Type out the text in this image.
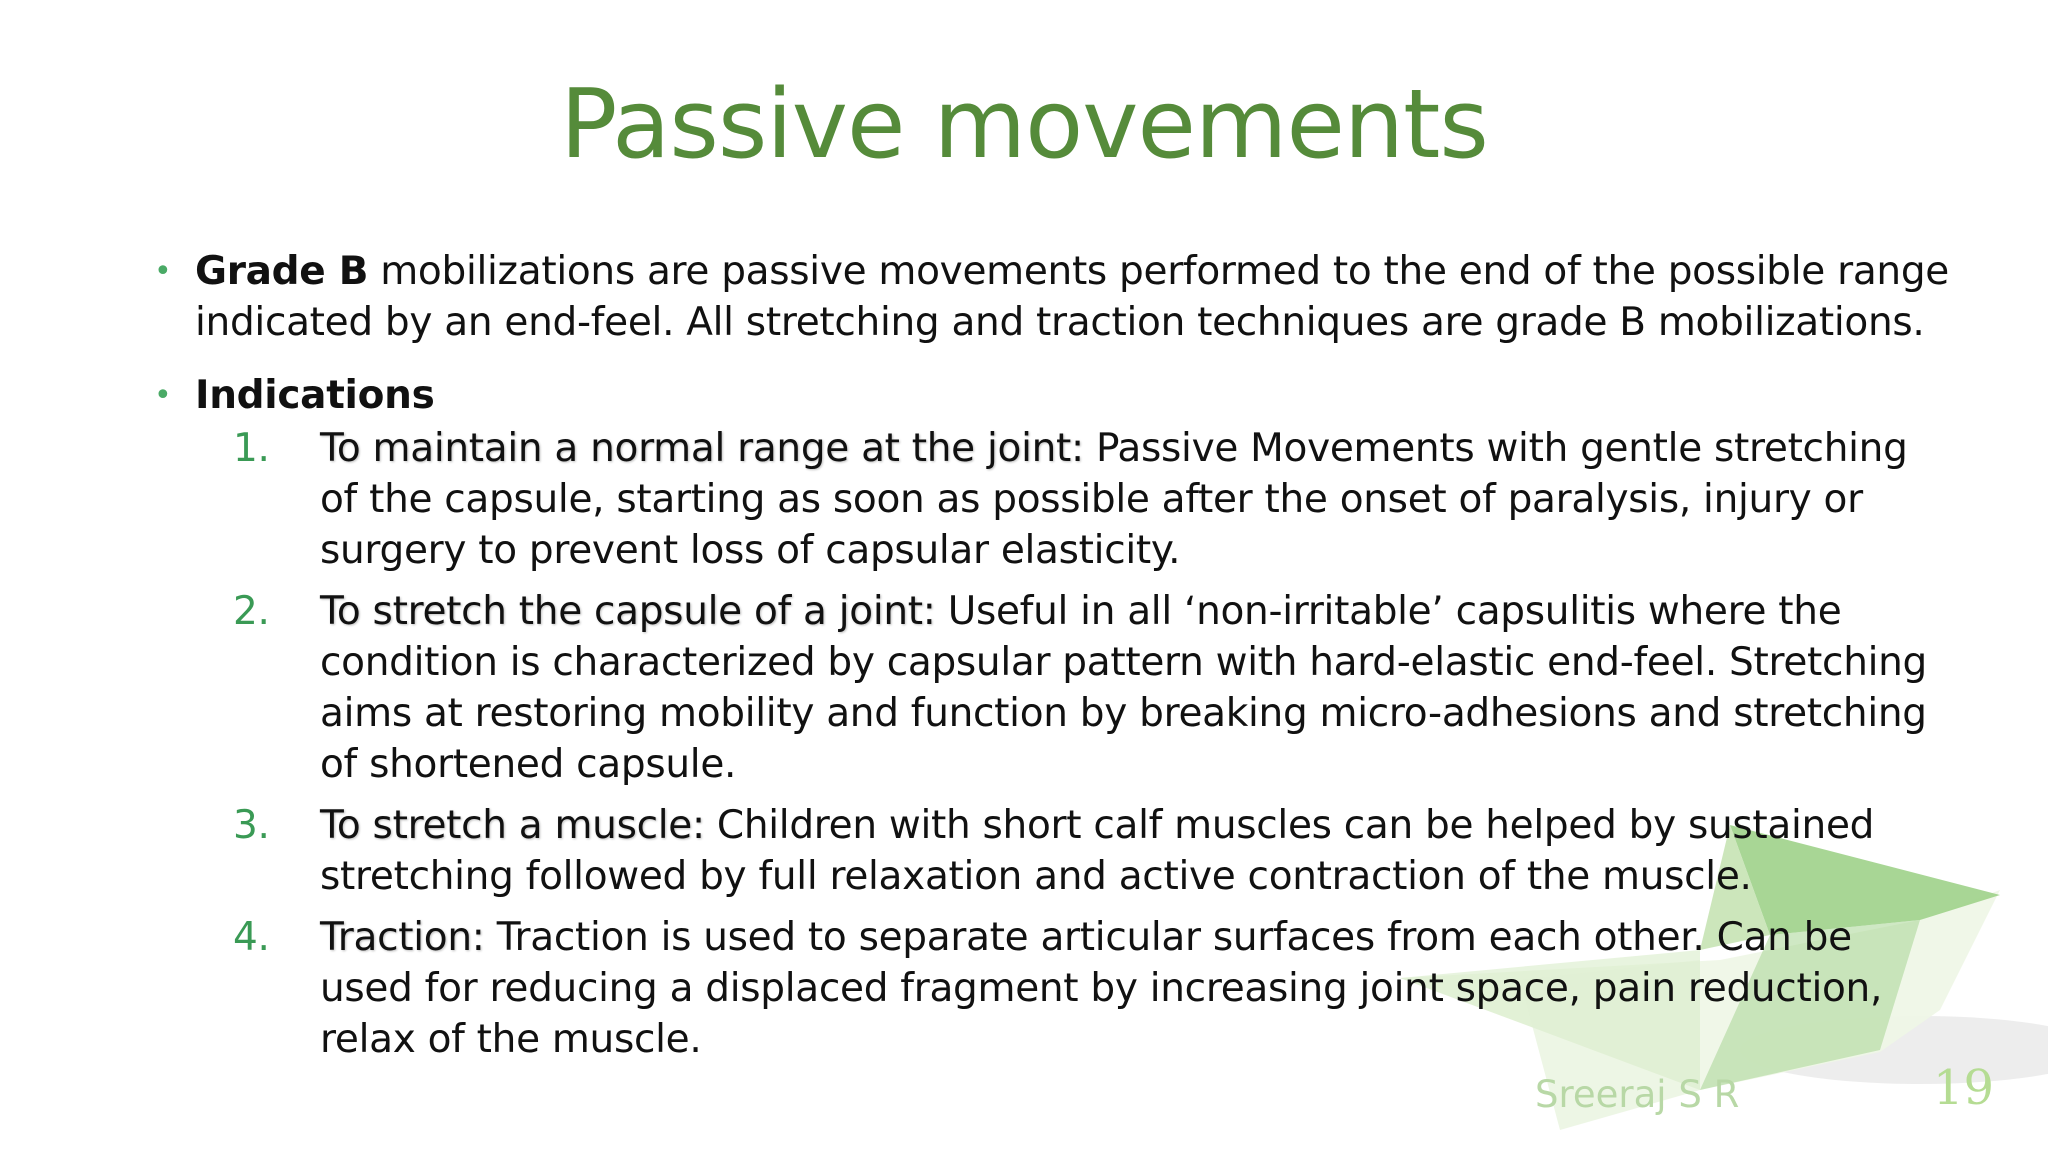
Passive movements
• Grade B mobilizations are passive movements performed to the end of the possible range indicated by an end-feel. All stretching and traction techniques are grade B mobilizations.
• Indications
1. To maintain a normal range at the joint: Passive Movements with gentle stretching of the capsule, starting as soon as possible after the onset of paralysis, injury or surgery to prevent loss of capsular elasticity.
2. To stretch the capsule of a joint: Useful in all ‘non-irritable’ capsulitis where the condition is characterized by capsular pattern with hard-elastic end-feel. Stretching aims at restoring mobility and function by breaking micro-adhesions and stretching of shortened capsule.
3. To stretch a muscle: Children with short calf muscles can be helped by sustained stretching followed by full relaxation and active contraction of the muscle.
4. Traction: Traction is used to separate articular surfaces from each other. Can be used for reducing a displaced fragment by increasing joint space, pain reduction, relax of the muscle.
Sreeraj S R	19
